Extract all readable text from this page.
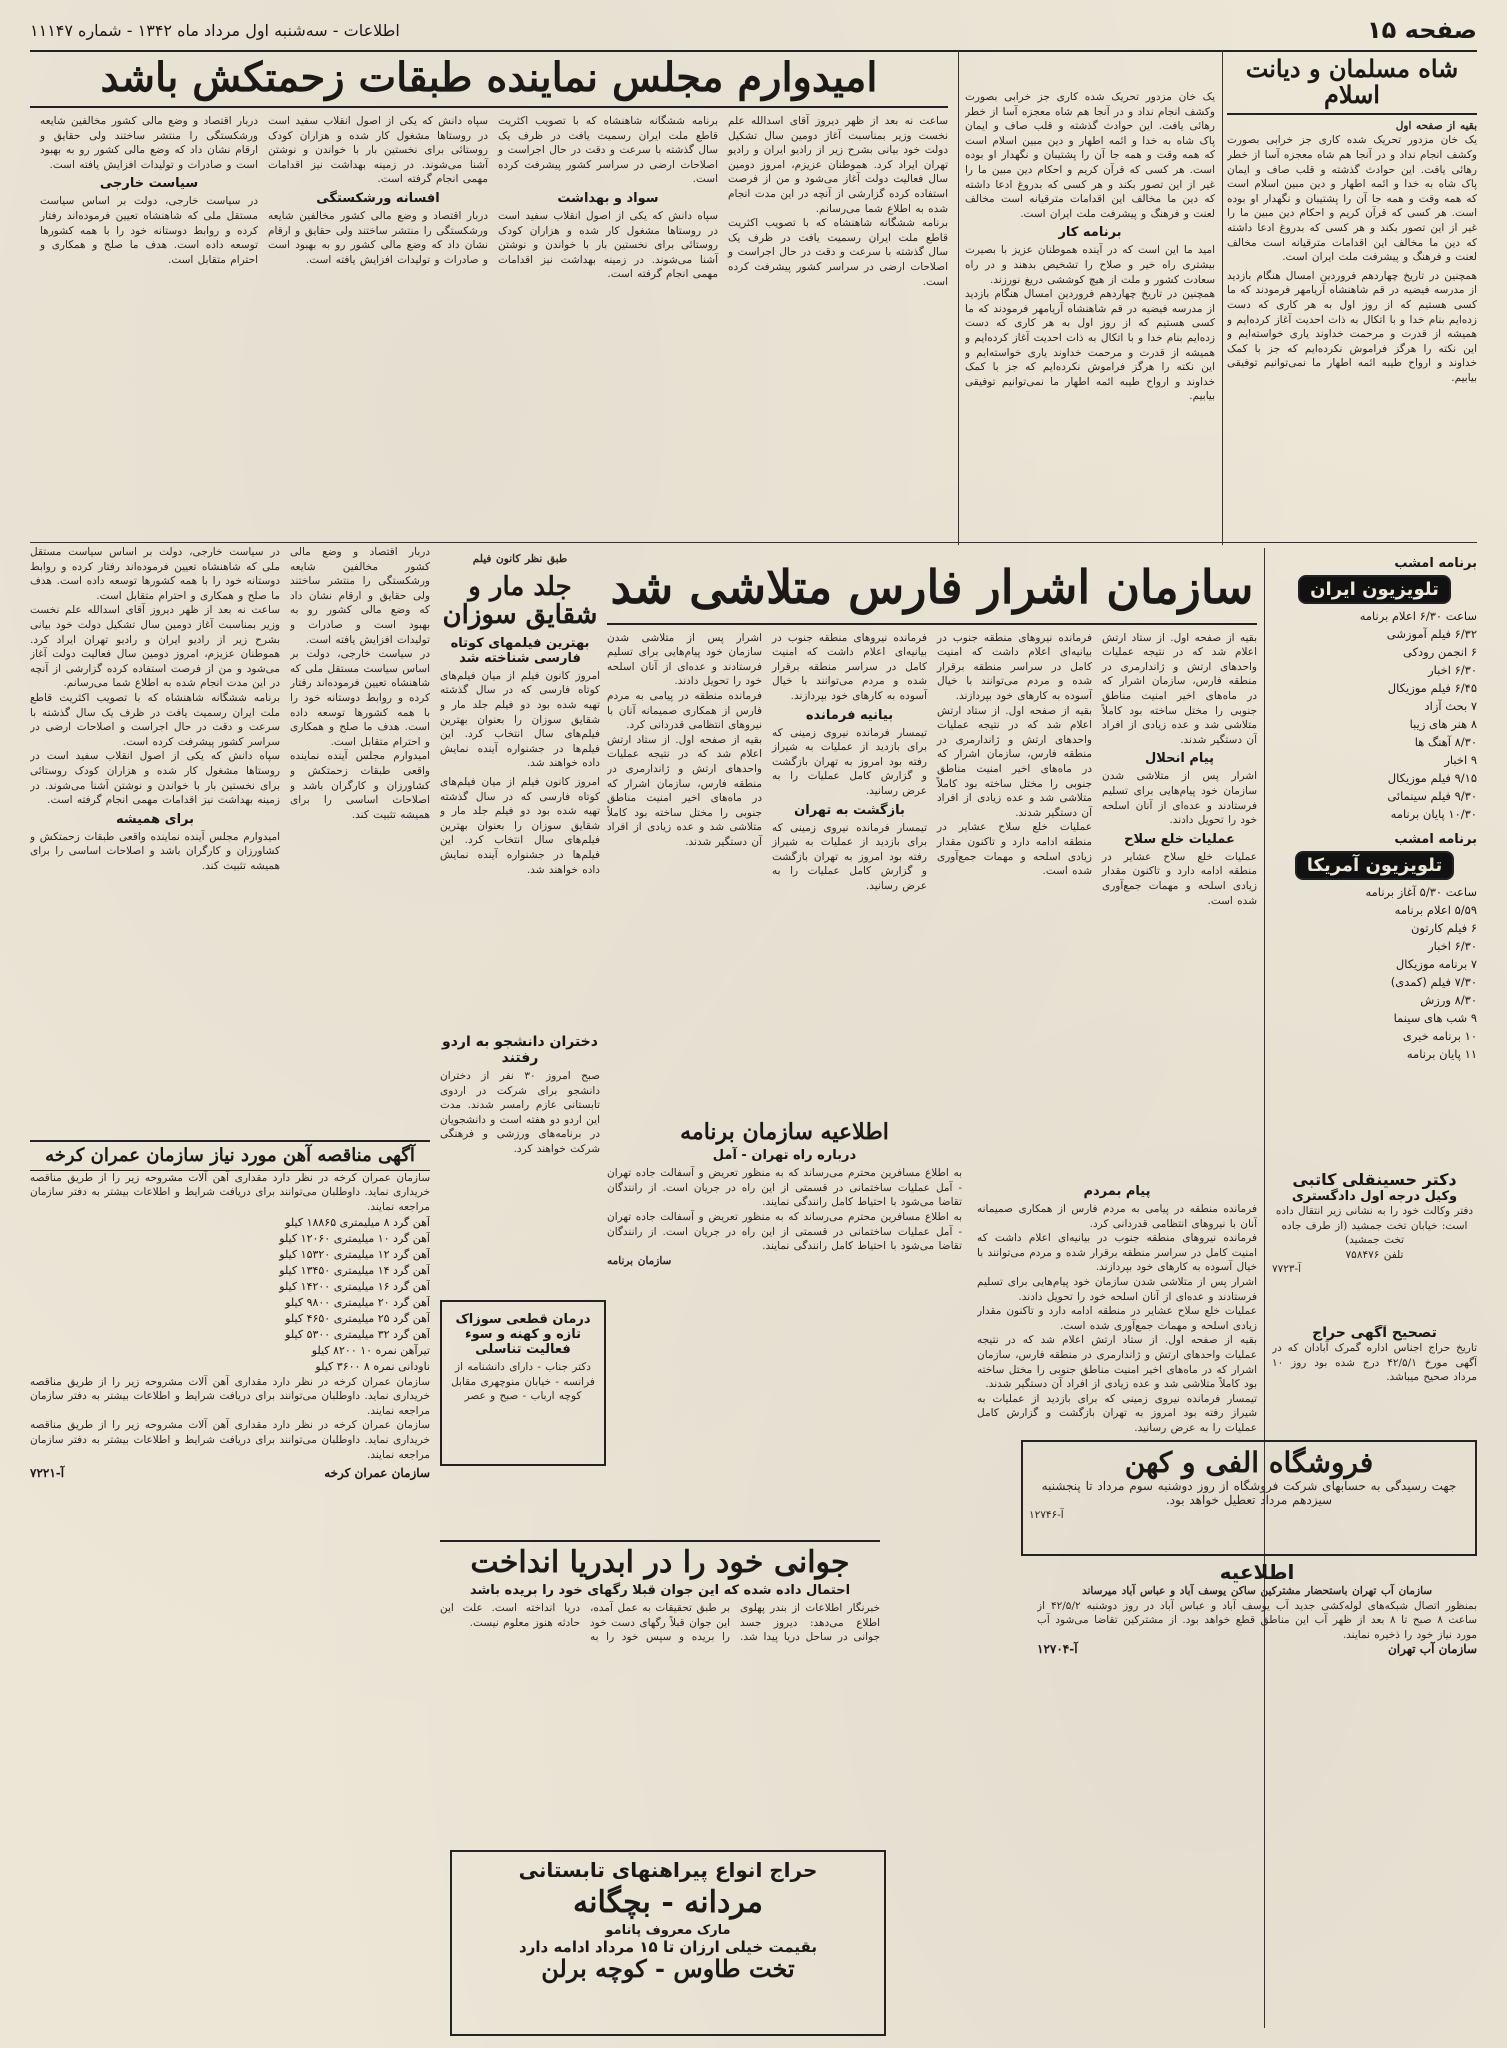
صفحه ۱۵
اطلاعات - سه‌شنبه اول مرداد ماه ۱۳۴۲ - شماره ۱۱۱۴۷
شاه مسلمان و دیانت اسلام
بقیه از صفحه اول
یک خان مزدور تحریک شده کاری جز خرابی بصورت وکشف انجام نداد و در آنجا هم شاه معجزه آسا از خطر رهائی یافت. این حوادث گذشته و قلب صاف و ایمان پاک شاه به خدا و ائمه اطهار و دین مبین اسلام است که همه وقت و همه جا آن را پشتیبان و نگهدار او بوده است. هر کسی که قرآن کریم و احکام دین مبین ما را غیر از این تصور بکند و هر کسی که بدروغ ادعا داشته که دین ما مخالف این اقدامات مترقیانه است مخالف لعنت و فرهنگ و پیشرفت ملت ایران است.
همچنین در تاریخ چهاردهم فروردین امسال هنگام بازدید از مدرسه فیضیه در قم شاهنشاه آریامهر فرمودند که ما کسی هستیم که از روز اول به هر کاری که دست زده‌ایم بنام خدا و با اتکال به ذات احدیت آغاز کرده‌ایم و همیشه از قدرت و مرحمت خداوند یاری خواسته‌ایم و این نکته را هرگز فراموش نکرده‌ایم که جز با کمک خداوند و ارواح طیبه ائمه اطهار ما نمی‌توانیم توفیقی بیابیم.
یک خان مزدور تحریک شده کاری جز خرابی بصورت وکشف انجام نداد و در آنجا هم شاه معجزه آسا از خطر رهائی یافت. این حوادث گذشته و قلب صاف و ایمان پاک شاه به خدا و ائمه اطهار و دین مبین اسلام است که همه وقت و همه جا آن را پشتیبان و نگهدار او بوده است. هر کسی که قرآن کریم و احکام دین مبین ما را غیر از این تصور بکند و هر کسی که بدروغ ادعا داشته که دین ما مخالف این اقدامات مترقیانه است مخالف لعنت و فرهنگ و پیشرفت ملت ایران است.
برنامه کار
امید ما این است که در آینده هموطنان عزیز با بصیرت بیشتری راه خیر و صلاح را تشخیص بدهند و در راه سعادت کشور و ملت از هیچ کوششی دریغ نورزند.
همچنین در تاریخ چهاردهم فروردین امسال هنگام بازدید از مدرسه فیضیه در قم شاهنشاه آریامهر فرمودند که ما کسی هستیم که از روز اول به هر کاری که دست زده‌ایم بنام خدا و با اتکال به ذات احدیت آغاز کرده‌ایم و همیشه از قدرت و مرحمت خداوند یاری خواسته‌ایم و این نکته را هرگز فراموش نکرده‌ایم که جز با کمک خداوند و ارواح طیبه ائمه اطهار ما نمی‌توانیم توفیقی بیابیم.
امیدوارم مجلس نماینده طبقات زحمتکش باشد
ساعت نه بعد از ظهر دیروز آقای اسدالله علم نخست وزیر بمناسبت آغاز دومین سال تشکیل دولت خود بیانی بشرح زیر از رادیو ایران و رادیو تهران ایراد کرد. هموطنان عزیزم، امروز دومین سال فعالیت دولت آغاز می‌شود و من از فرصت استفاده کرده گزارشی از آنچه در این مدت انجام شده به اطلاع شما می‌رسانم.
برنامه ششگانه شاهنشاه که با تصویب اکثریت قاطع ملت ایران رسمیت یافت در ظرف یک سال گذشته با سرعت و دقت در حال اجراست و اصلاحات ارضی در سراسر کشور پیشرفت کرده است.
برنامه ششگانه شاهنشاه که با تصویب اکثریت قاطع ملت ایران رسمیت یافت در ظرف یک سال گذشته با سرعت و دقت در حال اجراست و اصلاحات ارضی در سراسر کشور پیشرفت کرده است.
سواد و بهداشت
سپاه دانش که یکی از اصول انقلاب سفید است در روستاها مشغول کار شده و هزاران کودک روستائی برای نخستین بار با خواندن و نوشتن آشنا می‌شوند. در زمینه بهداشت نیز اقدامات مهمی انجام گرفته است.
سپاه دانش که یکی از اصول انقلاب سفید است در روستاها مشغول کار شده و هزاران کودک روستائی برای نخستین بار با خواندن و نوشتن آشنا می‌شوند. در زمینه بهداشت نیز اقدامات مهمی انجام گرفته است.
افسانه ورشکستگی
دربار اقتصاد و وضع مالی کشور مخالفین شایعه ورشکستگی را منتشر ساختند ولی حقایق و ارقام نشان داد که وضع مالی کشور رو به بهبود است و صادرات و تولیدات افزایش یافته است.
دربار اقتصاد و وضع مالی کشور مخالفین شایعه ورشکستگی را منتشر ساختند ولی حقایق و ارقام نشان داد که وضع مالی کشور رو به بهبود است و صادرات و تولیدات افزایش یافته است.
سیاست خارجی
در سیاست خارجی، دولت بر اساس سیاست مستقل ملی که شاهنشاه تعیین فرموده‌اند رفتار کرده و روابط دوستانه خود را با همه کشورها توسعه داده است. هدف ما صلح و همکاری و احترام متقابل است.
در سیاست خارجی، دولت بر اساس سیاست مستقل ملی که شاهنشاه تعیین فرموده‌اند رفتار کرده و روابط دوستانه خود را با همه کشورها توسعه داده است. هدف ما صلح و همکاری و احترام متقابل است.
ساعت نه بعد از ظهر دیروز آقای اسدالله علم نخست وزیر بمناسبت آغاز دومین سال تشکیل دولت خود بیانی بشرح زیر از رادیو ایران و رادیو تهران ایراد کرد. هموطنان عزیزم، امروز دومین سال فعالیت دولت آغاز می‌شود و من از فرصت استفاده کرده گزارشی از آنچه در این مدت انجام شده به اطلاع شما می‌رسانم.
برنامه ششگانه شاهنشاه که با تصویب اکثریت قاطع ملت ایران رسمیت یافت در ظرف یک سال گذشته با سرعت و دقت در حال اجراست و اصلاحات ارضی در سراسر کشور پیشرفت کرده است.
سپاه دانش که یکی از اصول انقلاب سفید است در روستاها مشغول کار شده و هزاران کودک روستائی برای نخستین بار با خواندن و نوشتن آشنا می‌شوند. در زمینه بهداشت نیز اقدامات مهمی انجام گرفته است.
برای همیشه
امیدوارم مجلس آینده نماینده واقعی طبقات زحمتکش و کشاورزان و کارگران باشد و اصلاحات اساسی را برای همیشه تثبیت کند.
دربار اقتصاد و وضع مالی کشور مخالفین شایعه ورشکستگی را منتشر ساختند ولی حقایق و ارقام نشان داد که وضع مالی کشور رو به بهبود است و صادرات و تولیدات افزایش یافته است.
در سیاست خارجی، دولت بر اساس سیاست مستقل ملی که شاهنشاه تعیین فرموده‌اند رفتار کرده و روابط دوستانه خود را با همه کشورها توسعه داده است. هدف ما صلح و همکاری و احترام متقابل است.
امیدوارم مجلس آینده نماینده واقعی طبقات زحمتکش و کشاورزان و کارگران باشد و اصلاحات اساسی را برای همیشه تثبیت کند.
برنامه امشب
تلویزیون ایران
ساعت ۶/۳۰ اعلام برنامه
۶/۳۲ فیلم آموزشی
۶ انجمن رودکی
۶/۳۰ اخبار
۶/۴۵ فیلم موزیکال
۷ بحث آزاد
۸ هنر های زیبا
۸/۳۰ آهنگ ها
۹ اخبار
۹/۱۵ فیلم موزیکال
۹/۳۰ فیلم سینمائی
۱۰/۳۰ پایان برنامه
برنامه امشب
تلویزیون آمریکا
ساعت ۵/۳۰ آغاز برنامه
۵/۵۹ اعلام برنامه
۶ فیلم کارتون
۶/۳۰ اخبار
۷ برنامه موزیکال
۷/۳۰ فیلم (کمدی)
۸/۳۰ ورزش
۹ شب های سینما
۱۰ برنامه خبری
۱۱ پایان برنامه
سازمان اشرار فارس متلاشی شد
بقیه از صفحه اول. از ستاد ارتش اعلام شد که در نتیجه عملیات واحدهای ارتش و ژاندارمری در منطقه فارس، سازمان اشرار که در ماه‌های اخیر امنیت مناطق جنوبی را مختل ساخته بود کاملاً متلاشی شد و عده زیادی از افراد آن دستگیر شدند.
پیام انحلال
اشرار پس از متلاشی شدن سازمان خود پیام‌هایی برای تسلیم فرستادند و عده‌ای از آنان اسلحه خود را تحویل دادند.
عملیات خلع سلاح
عملیات خلع سلاح عشایر در منطقه ادامه دارد و تاکنون مقدار زیادی اسلحه و مهمات جمع‌آوری شده است.
فرمانده نیروهای منطقه جنوب در بیانیه‌ای اعلام داشت که امنیت کامل در سراسر منطقه برقرار شده و مردم می‌توانند با خیال آسوده به کارهای خود بپردازند.
بقیه از صفحه اول. از ستاد ارتش اعلام شد که در نتیجه عملیات واحدهای ارتش و ژاندارمری در منطقه فارس، سازمان اشرار که در ماه‌های اخیر امنیت مناطق جنوبی را مختل ساخته بود کاملاً متلاشی شد و عده زیادی از افراد آن دستگیر شدند.
عملیات خلع سلاح عشایر در منطقه ادامه دارد و تاکنون مقدار زیادی اسلحه و مهمات جمع‌آوری شده است.
فرمانده نیروهای منطقه جنوب در بیانیه‌ای اعلام داشت که امنیت کامل در سراسر منطقه برقرار شده و مردم می‌توانند با خیال آسوده به کارهای خود بپردازند.
بیانیه فرمانده
تیمسار فرمانده نیروی زمینی که برای بازدید از عملیات به شیراز رفته بود امروز به تهران بازگشت و گزارش کامل عملیات را به عرض رسانید.
بازگشت به تهران
تیمسار فرمانده نیروی زمینی که برای بازدید از عملیات به شیراز رفته بود امروز به تهران بازگشت و گزارش کامل عملیات را به عرض رسانید.
اشرار پس از متلاشی شدن سازمان خود پیام‌هایی برای تسلیم فرستادند و عده‌ای از آنان اسلحه خود را تحویل دادند.
فرمانده منطقه در پیامی به مردم فارس از همکاری صمیمانه آنان با نیروهای انتظامی قدردانی کرد.
بقیه از صفحه اول. از ستاد ارتش اعلام شد که در نتیجه عملیات واحدهای ارتش و ژاندارمری در منطقه فارس، سازمان اشرار که در ماه‌های اخیر امنیت مناطق جنوبی را مختل ساخته بود کاملاً متلاشی شد و عده زیادی از افراد آن دستگیر شدند.
طبق نظر کانون فیلم
جلد مار و شقایق سوزان
بهترین فیلمهای کوتاه فارسی شناخته شد
امروز کانون فیلم از میان فیلم‌های کوتاه فارسی که در سال گذشته تهیه شده بود دو فیلم جلد مار و شقایق سوزان را بعنوان بهترین فیلم‌های سال انتخاب کرد. این فیلم‌ها در جشنواره آینده نمایش داده خواهند شد.
امروز کانون فیلم از میان فیلم‌های کوتاه فارسی که در سال گذشته تهیه شده بود دو فیلم جلد مار و شقایق سوزان را بعنوان بهترین فیلم‌های سال انتخاب کرد. این فیلم‌ها در جشنواره آینده نمایش داده خواهند شد.
دختران دانشجو به اردو رفتند
صبح امروز ۳۰ نفر از دختران دانشجو برای شرکت در اردوی تابستانی عازم رامسر شدند. مدت این اردو دو هفته است و دانشجویان در برنامه‌های ورزشی و فرهنگی شرکت خواهند کرد.
اطلاعیه سازمان برنامه
درباره راه تهران - آمل
به اطلاع مسافرین محترم می‌رساند که به منظور تعریض و آسفالت جاده تهران - آمل عملیات ساختمانی در قسمتی از این راه در جریان است. از رانندگان تقاضا می‌شود با احتیاط کامل رانندگی نمایند.
به اطلاع مسافرین محترم می‌رساند که به منظور تعریض و آسفالت جاده تهران - آمل عملیات ساختمانی در قسمتی از این راه در جریان است. از رانندگان تقاضا می‌شود با احتیاط کامل رانندگی نمایند.
سازمان برنامه
پیام بمردم
فرمانده منطقه در پیامی به مردم فارس از همکاری صمیمانه آنان با نیروهای انتظامی قدردانی کرد.
فرمانده نیروهای منطقه جنوب در بیانیه‌ای اعلام داشت که امنیت کامل در سراسر منطقه برقرار شده و مردم می‌توانند با خیال آسوده به کارهای خود بپردازند.
اشرار پس از متلاشی شدن سازمان خود پیام‌هایی برای تسلیم فرستادند و عده‌ای از آنان اسلحه خود را تحویل دادند.
عملیات خلع سلاح عشایر در منطقه ادامه دارد و تاکنون مقدار زیادی اسلحه و مهمات جمع‌آوری شده است.
بقیه از صفحه اول. از ستاد ارتش اعلام شد که در نتیجه عملیات واحدهای ارتش و ژاندارمری در منطقه فارس، سازمان اشرار که در ماه‌های اخیر امنیت مناطق جنوبی را مختل ساخته بود کاملاً متلاشی شد و عده زیادی از افراد آن دستگیر شدند.
تیمسار فرمانده نیروی زمینی که برای بازدید از عملیات به شیراز رفته بود امروز به تهران بازگشت و گزارش کامل عملیات را به عرض رسانید.
درمان قطعی سوزاک تازه و کهنه و سوء فعالیت تناسلی
دکتر جناب - دارای دانشنامه از فرانسه - خیابان منوچهری مقابل کوچه ارباب - صبح و عصر
آگهی مناقصه آهن مورد نیاز سازمان عمران کرخه
سازمان عمران کرخه در نظر دارد مقداری آهن آلات مشروحه زیر را از طریق مناقصه خریداری نماید. داوطلبان می‌توانند برای دریافت شرایط و اطلاعات بیشتر به دفتر سازمان مراجعه نمایند.
آهن گرد ۸ میلیمتری ۱۸۸۶۵ کیلو
آهن گرد ۱۰ میلیمتری ۱۲۰۶۰ کیلو
آهن گرد ۱۲ میلیمتری ۱۵۳۲۰ کیلو
آهن گرد ۱۴ میلیمتری ۱۳۴۵۰ کیلو
آهن گرد ۱۶ میلیمتری ۱۴۲۰۰ کیلو
آهن گرد ۲۰ میلیمتری ۹۸۰۰ کیلو
آهن گرد ۲۵ میلیمتری ۴۶۵۰ کیلو
آهن گرد ۳۲ میلیمتری ۵۳۰۰ کیلو
تیرآهن نمره ۱۰ ۸۲۰۰ کیلو
ناودانی نمره ۸ ۳۶۰۰ کیلو
سازمان عمران کرخه در نظر دارد مقداری آهن آلات مشروحه زیر را از طریق مناقصه خریداری نماید. داوطلبان می‌توانند برای دریافت شرایط و اطلاعات بیشتر به دفتر سازمان مراجعه نمایند.
سازمان عمران کرخه در نظر دارد مقداری آهن آلات مشروحه زیر را از طریق مناقصه خریداری نماید. داوطلبان می‌توانند برای دریافت شرایط و اطلاعات بیشتر به دفتر سازمان مراجعه نمایند.
سازمان عمران کرخه
آ-۷۲۲۱
جوانی خود را در ابدریا انداخت
احتمال داده شده که این جوان قبلا رگهای خود را بریده باشد
خبرنگار اطلاعات از بندر پهلوی اطلاع می‌دهد: دیروز جسد جوانی در ساحل دریا پیدا شد. بر طبق تحقیقات به عمل آمده، این جوان قبلاً رگهای دست خود را بریده و سپس خود را به دریا انداخته است. علت این حادثه هنوز معلوم نیست.
حراج انواع پیراهنهای تابستانی
مردانه - بچگانه
مارک معروف پانامو
بقیمت خیلی ارزان تا ۱۵ مرداد ادامه دارد
تخت طاوس - کوچه برلن
دکتر حسینقلی کاتبی
وکیل درجه اول دادگستری
دفتر وکالت خود را به نشانی زیر انتقال داده است: خیابان تخت جمشید (از طرف جاده تخت جمشید)
تلفن ۷۵۸۴۷۶
آ-۷۷۲۳
تصحیح آگهی حراج
تاریخ حراج اجناس اداره گمرک آبادان که در آگهی مورخ ۴۲/۵/۱ درج شده بود روز ۱۰ مرداد صحیح میباشد.
فروشگاه الفی و کهن
جهت رسیدگی به حسابهای شرکت فروشگاه از روز دوشنبه سوم مرداد تا پنجشنبه سیزدهم مرداد تعطیل خواهد بود.
آ-۱۲۷۴۶
اطلاعیه
سازمان آب تهران باستحضار مشترکین ساکن یوسف آباد و عباس آباد میرساند
بمنظور اتصال شبکه‌های لوله‌کشی جدید آب یوسف آباد و عباس آباد در روز دوشنبه ۴۲/۵/۲ از ساعت ۸ صبح تا ۸ بعد از ظهر آب این مناطق قطع خواهد بود. از مشترکین تقاضا می‌شود آب مورد نیاز خود را ذخیره نمایند.
سازمان آب تهران
آ-۱۲۷۰۴
